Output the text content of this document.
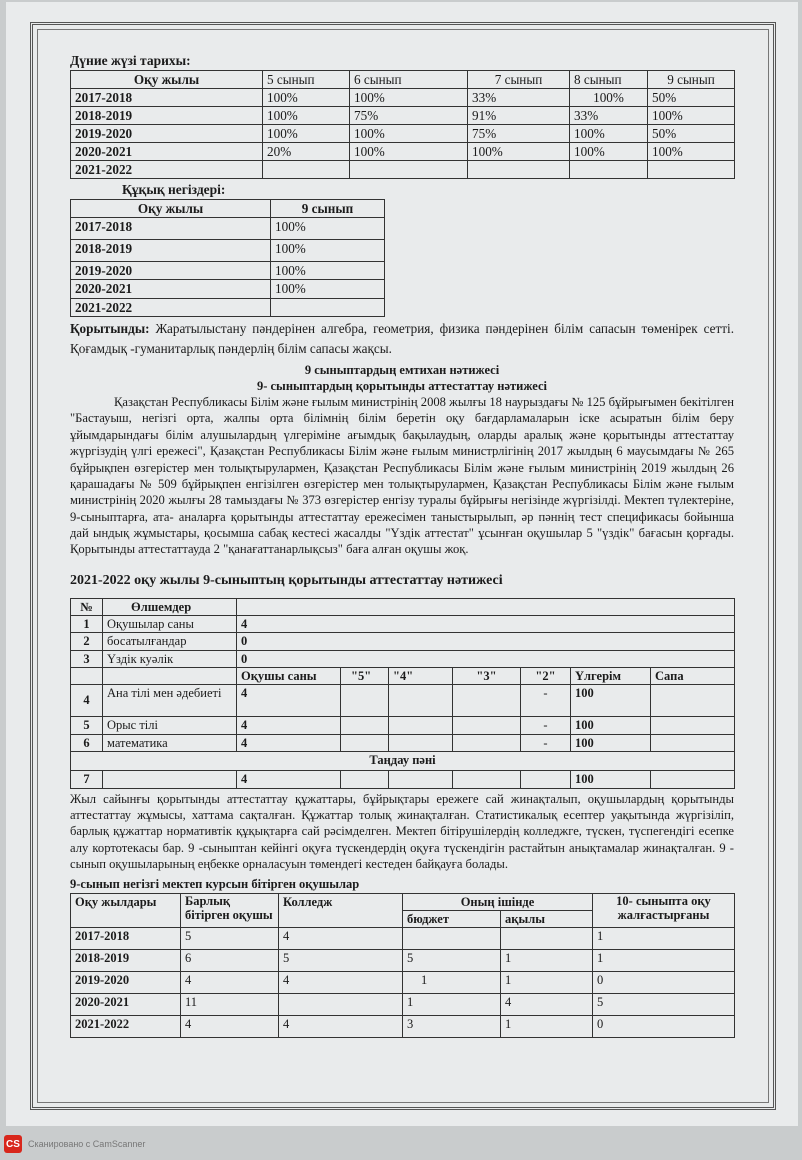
Дүние жүзі тарихы:
Оқу жылы	5 сынып	6 сынып	7 сынып	8 сынып	9 сынып
2017-2018	100%	100%	33%	100%	50%
2018-2019	100%	75%	91%	33%	100%
2019-2020	100%	100%	75%	100%	50%
2020-2021	20%	100%	100%	100%	100%
2021-2022					
Құқық негіздері:
Оқу жылы	9 сынып
2017-2018	100%
2018-2019	100%
2019-2020	100%
2020-2021	100%
2021-2022	

Қорытынды: Жаратылыстану пәндерінен алгебра, геометрия, физика пәндерінен білім сапасын төменірек сетті. Қоғамдық -гуманитарлық пәндерлің білім сапасы жақсы.

9 сыныптардың емтихан нәтижесі
9- сыныптардың қорытынды аттестаттау нәтижесі

Қазақстан Республикасы Білім және ғылым министрінің 2008 жылғы 18 наурыздағы № 125 бұйрығымен бекітілген "Бастауыш, негізгі орта, жалпы орта білімнің білім беретін оқу бағдарламаларын іске асыратын білім беру ұйымдарындағы білім алушылардың үлгеріміне ағымдық бақылаудың, оларды аралық және қорытынды аттестаттау жүргізудің үлгі ережесі", Қазақстан Республикасы Білім және ғылым министрлігінің 2017 жылдың 6 маусымдағы № 265 бұйрықпен өзгерістер мен толықтырулармен, Қазақстан Республикасы Білім және ғылым министрінің 2019 жылдың 26 қарашадағы № 509 бұйрықпен енгізілген өзгерістер мен толықтырулармен, Қазақстан Республикасы Білім және ғылым министрінің 2020 жылғы 28 тамыздағы № 373 өзгерістер енгізу туралы бұйрығы негізінде жүргізілді. Мектеп түлектеріне, 9-сыныптарға, ата- аналарға қорытынды аттестаттау ережесімен таныстырылып, әр пәннің тест спецификасы бойынша дай ындық жұмыстары, қосымша сабақ кестесі жасалды "Үздік аттестат" ұсынған оқушылар 5 "үздік" бағасын қорғады. Қорытынды аттестаттауда 2 "қанағаттанарлықсыз" баға алған оқушы жоқ.

2021-2022 оқу жылы 9-сыныптың қорытынды аттестаттау нәтижесі
№	Өлшемдер							
1	Оқушылар саны	4						
2	босатылғандар	0						
3	Үздік куәлік	0						
		Оқушы саны	"5"	"4"	"3"	"2"	Үлгерім	Сапа
4	Ана тілі мен әдебиеті	4				-	100	
5	Орыс тілі	4				-	100	
6	математика	4				-	100	
Таңдау пәні								
7		4					100	

Жыл сайынғы қорытынды аттестаттау құжаттары, бұйрықтары ережеге сай жинақталып, оқушылардың қорытынды аттестаттау жұмысы, хаттама сақталған. Құжаттар толық жинақталған. Статистикалық есептер уақытында жүргізіліп, барлық құжаттар нормативтік құқықтарға сай рәсімделген. Мектеп бітірушілердің колледжге, түскен, түспегендігі есепке алу кортотекасы бар. 9 -сыныптан кейінгі оқуға түскендердің оқуға түскендігін растайтын анықтамалар жинақталған. 9 - сынып оқушыларының еңбекке орналасуын төмендегі кестеден байқауға болады.

9-сынып негізгі мектеп курсын бітірген оқушылар
Оқу жылдары	Барлық бітірген оқушы	Колледж	Оның ішінде		10- сыныпта оқу жалғастырғаны
			бюджет	ақылы	
2017-2018	5	4			1
2018-2019	6	5	5	1	1
2019-2020	4	4	1	1	0
2020-2021	11		1	4	5
2021-2022	4	4	3	1	0
CS Сканировано с CamScanner
